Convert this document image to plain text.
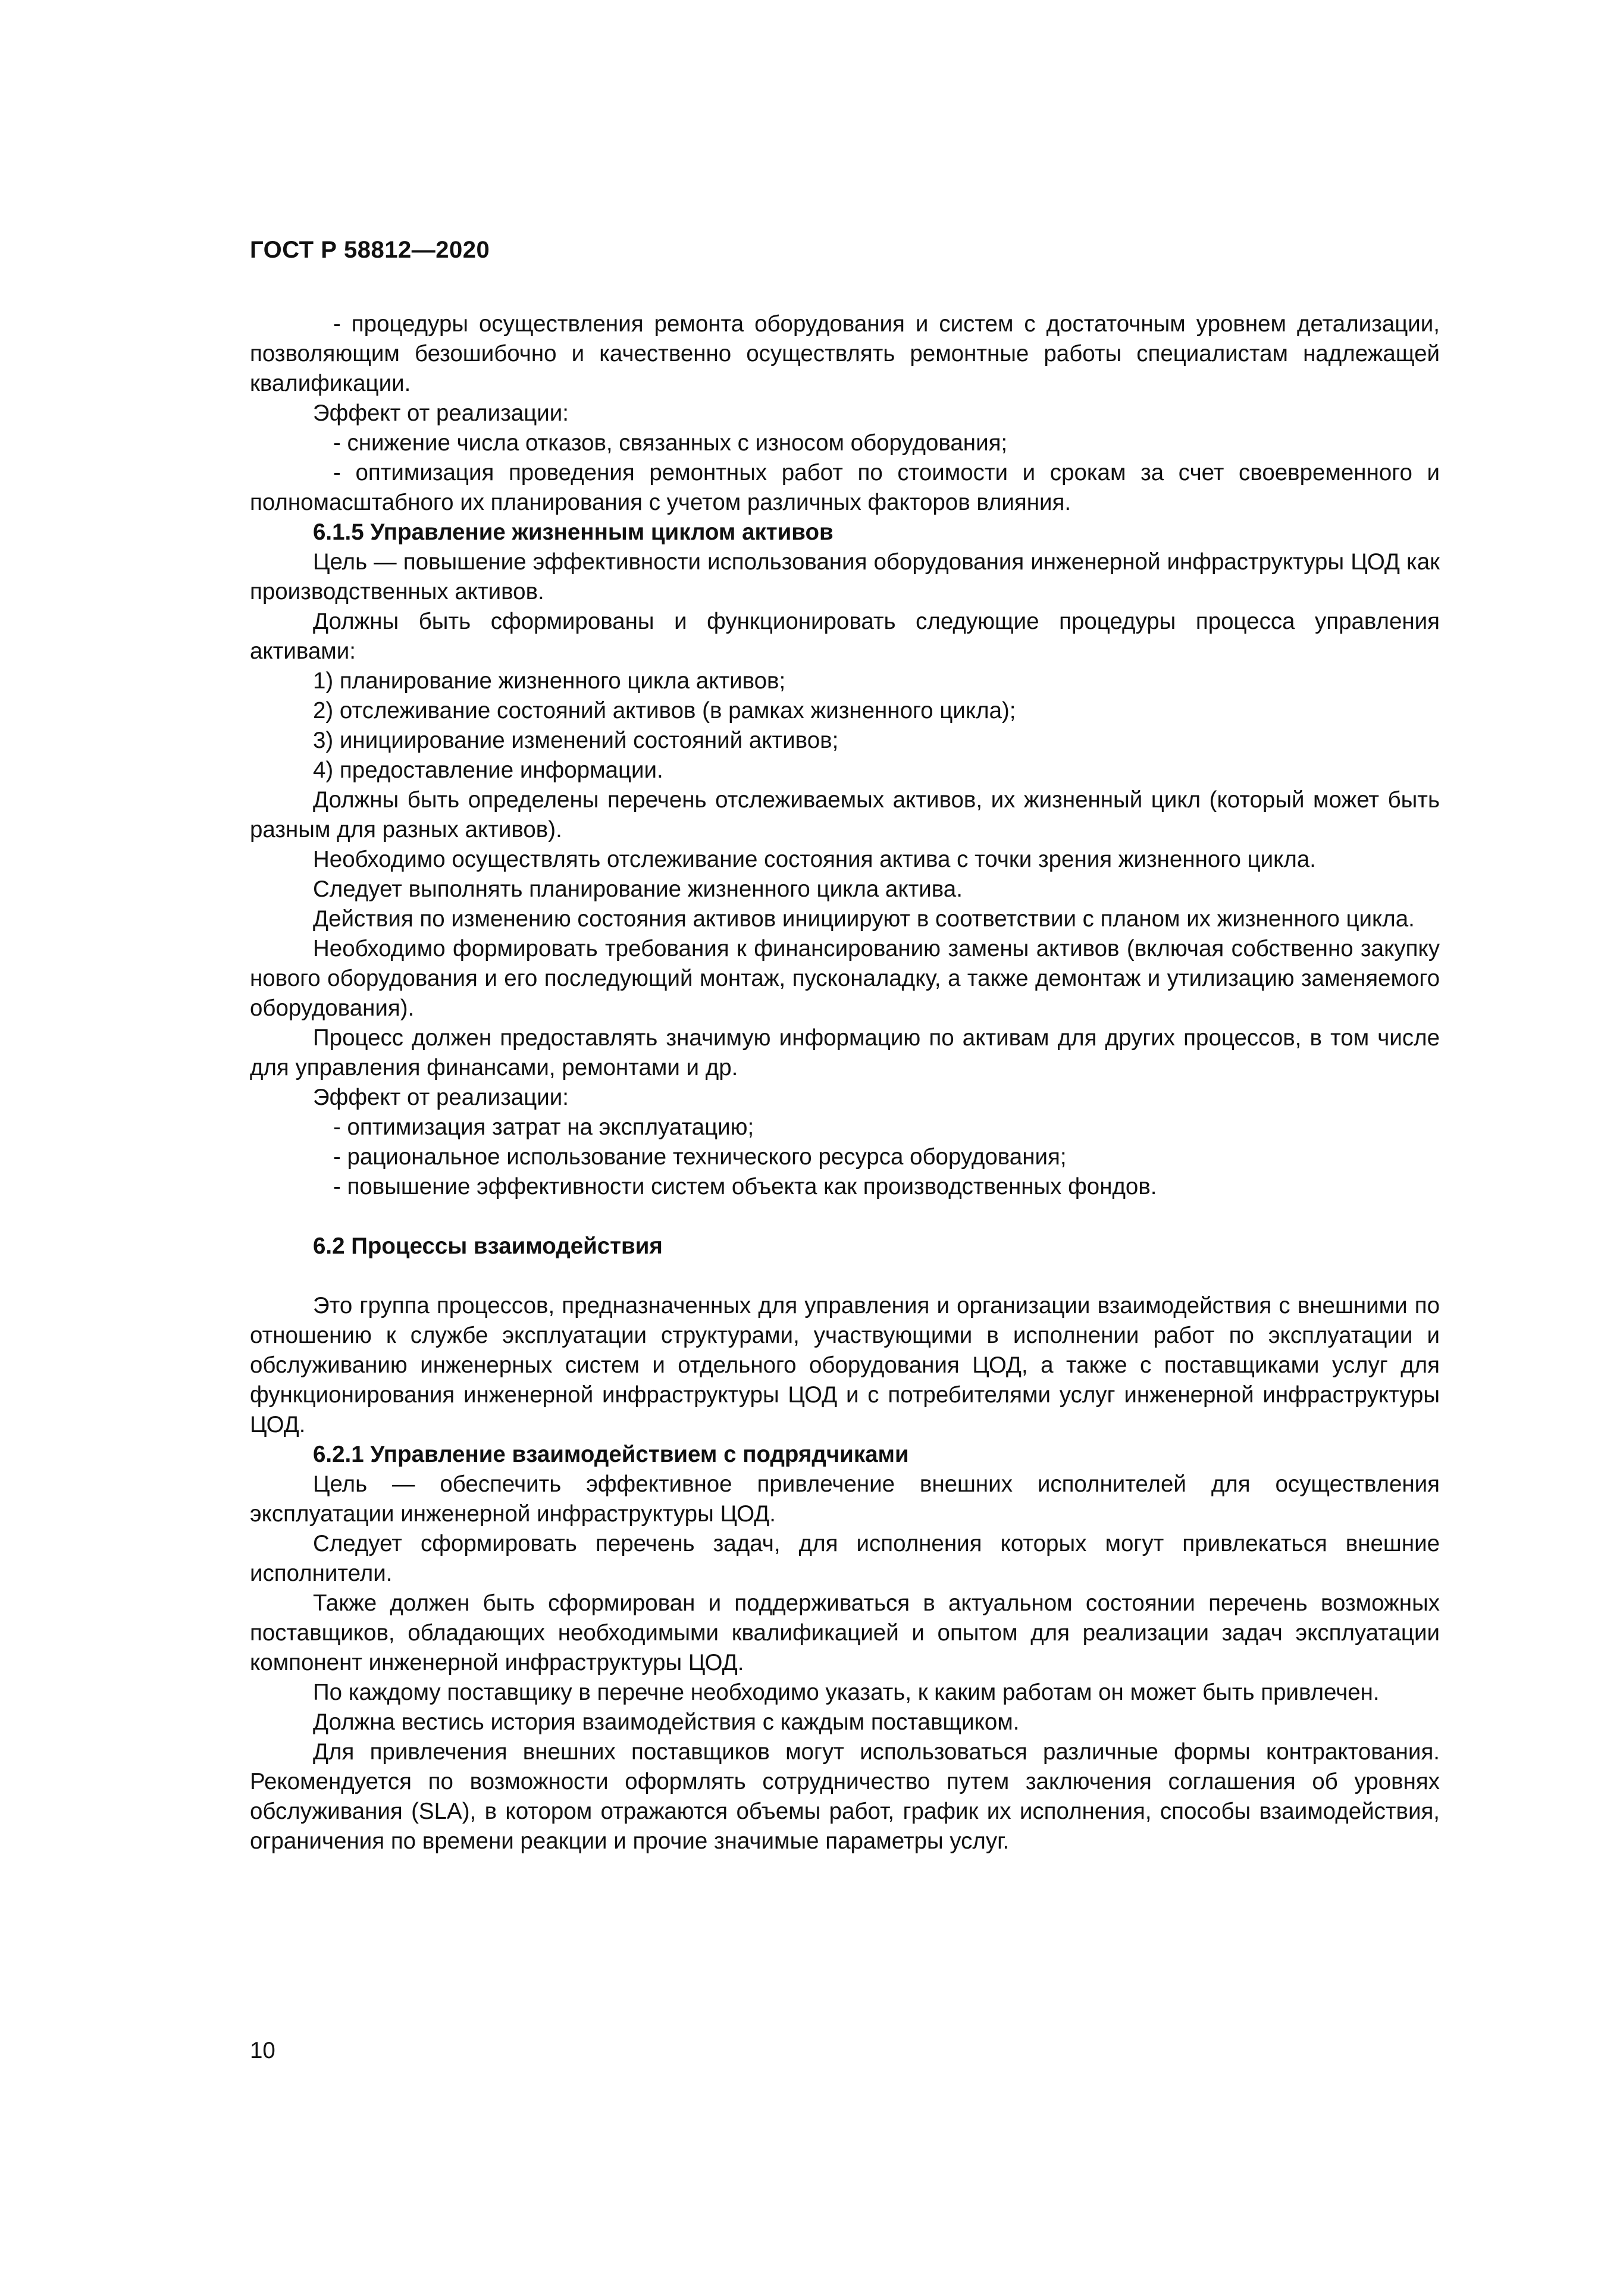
ГОСТ Р 58812—2020

- процедуры осуществления ремонта оборудования и систем с достаточным уровнем детализации, позволяющим безошибочно и качественно осуществлять ремонтные работы специалистам надлежащей квалификации.

Эффект от реализации:

- снижение числа отказов, связанных с износом оборудования;

- оптимизация проведения ремонтных работ по стоимости и срокам за счет своевременного и полномасштабного их планирования с учетом различных факторов влияния.

6.1.5 Управление жизненным циклом активов

Цель — повышение эффективности использования оборудования инженерной инфраструктуры ЦОД как производственных активов.

Должны быть сформированы и функционировать следующие процедуры процесса управления активами:

1) планирование жизненного цикла активов;

2) отслеживание состояний активов (в рамках жизненного цикла);

3) инициирование изменений состояний активов;

4) предоставление информации.

Должны быть определены перечень отслеживаемых активов, их жизненный цикл (который может быть разным для разных активов).

Необходимо осуществлять отслеживание состояния актива с точки зрения жизненного цикла.

Следует выполнять планирование жизненного цикла актива.

Действия по изменению состояния активов инициируют в соответствии с планом их жизненного цикла.

Необходимо формировать требования к финансированию замены активов (включая собственно закупку нового оборудования и его последующий монтаж, пусконаладку, а также демонтаж и утилизацию заменяемого оборудования).

Процесс должен предоставлять значимую информацию по активам для других процессов, в том числе для управления финансами, ремонтами и др.

Эффект от реализации:

- оптимизация затрат на эксплуатацию;

- рациональное использование технического ресурса оборудования;

- повышение эффективности систем объекта как производственных фондов.

6.2 Процессы взаимодействия

Это группа процессов, предназначенных для управления и организации взаимодействия с внешними по отношению к службе эксплуатации структурами, участвующими в исполнении работ по эксплуатации и обслуживанию инженерных систем и отдельного оборудования ЦОД, а также с поставщиками услуг для функционирования инженерной инфраструктуры ЦОД и с потребителями услуг инженерной инфраструктуры ЦОД.

6.2.1 Управление взаимодействием с подрядчиками

Цель — обеспечить эффективное привлечение внешних исполнителей для осуществления эксплуатации инженерной инфраструктуры ЦОД.

Следует сформировать перечень задач, для исполнения которых могут привлекаться внешние исполнители.

Также должен быть сформирован и поддерживаться в актуальном состоянии перечень возможных поставщиков, обладающих необходимыми квалификацией и опытом для реализации задач эксплуатации компонент инженерной инфраструктуры ЦОД.

По каждому поставщику в перечне необходимо указать, к каким работам он может быть привлечен.

Должна вестись история взаимодействия с каждым поставщиком.

Для привлечения внешних поставщиков могут использоваться различные формы контрактования. Рекомендуется по возможности оформлять сотрудничество путем заключения соглашения об уровнях обслуживания (SLA), в котором отражаются объемы работ, график их исполнения, способы взаимодействия, ограничения по времени реакции и прочие значимые параметры услуг.

10
